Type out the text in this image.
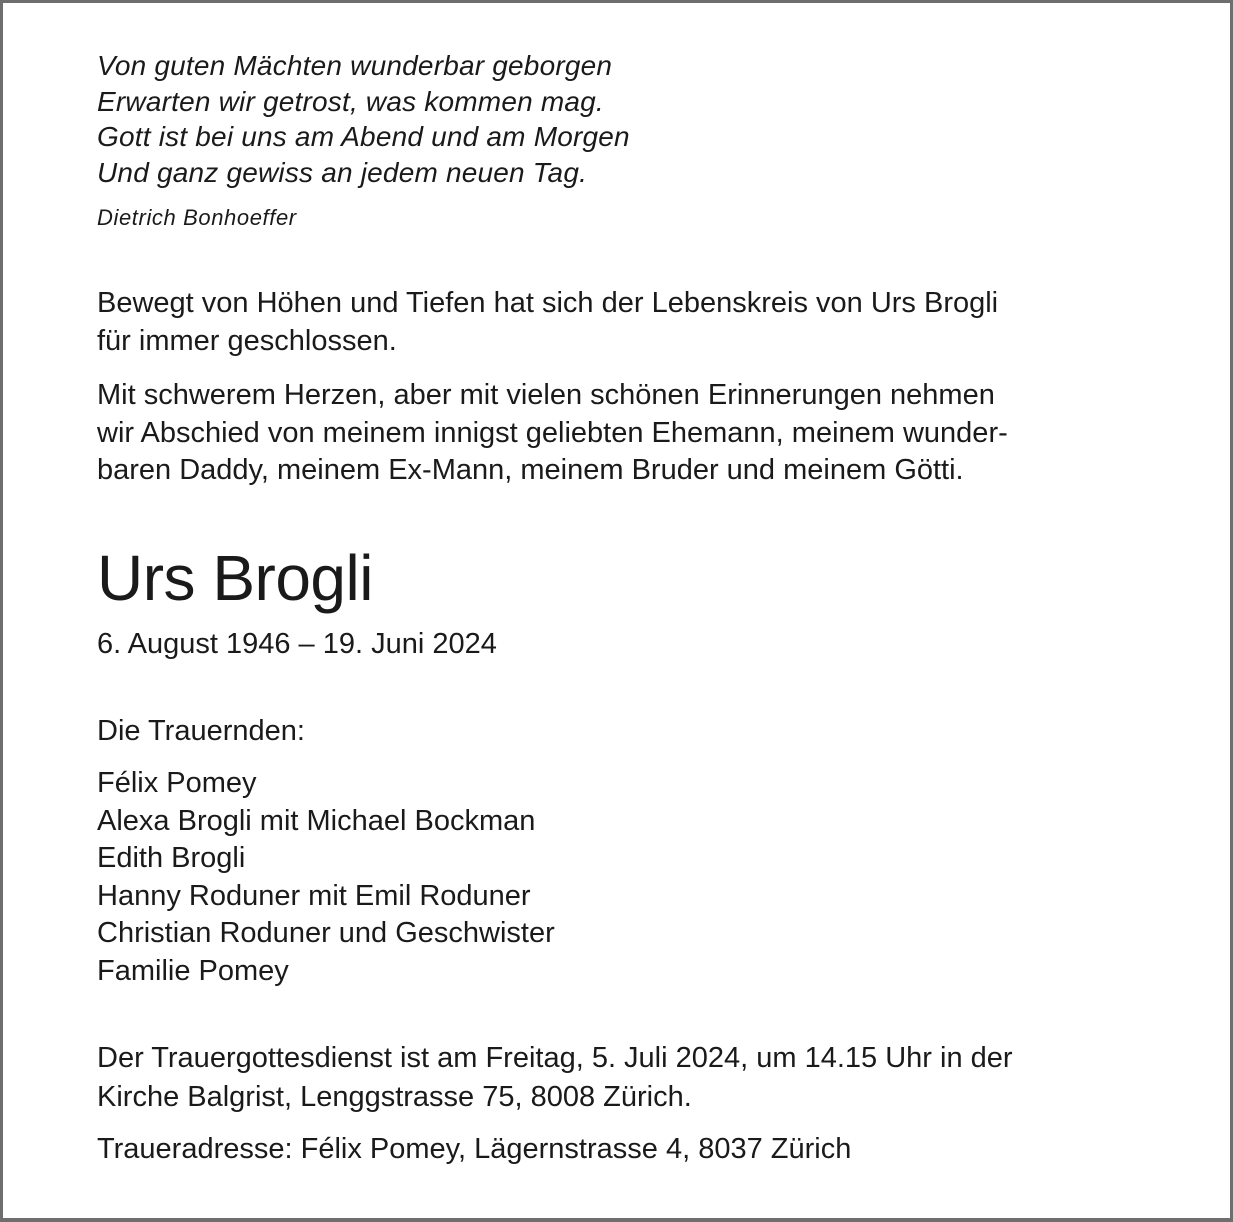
Von guten Mächten wunderbar geborgen
Erwarten wir getrost, was kommen mag.
Gott ist bei uns am Abend und am Morgen
Und ganz gewiss an jedem neuen Tag.
Dietrich Bonhoeffer
Bewegt von Höhen und Tiefen hat sich der Lebenskreis von Urs Brogli
für immer geschlossen.
Mit schwerem Herzen, aber mit vielen schönen Erinnerungen nehmen
wir Abschied von meinem innigst geliebten Ehemann, meinem wunder-
baren Daddy, meinem Ex-Mann, meinem Bruder und meinem Götti.
Urs Brogli
6. August 1946 – 19. Juni 2024
Die Trauernden:
Félix Pomey
Alexa Brogli mit Michael Bockman
Edith Brogli
Hanny Roduner mit Emil Roduner
Christian Roduner und Geschwister
Familie Pomey
Der Trauergottesdienst ist am Freitag, 5. Juli 2024, um 14.15 Uhr in der
Kirche Balgrist, Lenggstrasse 75, 8008 Zürich.
Traueradresse: Félix Pomey, Lägernstrasse 4, 8037 Zürich
